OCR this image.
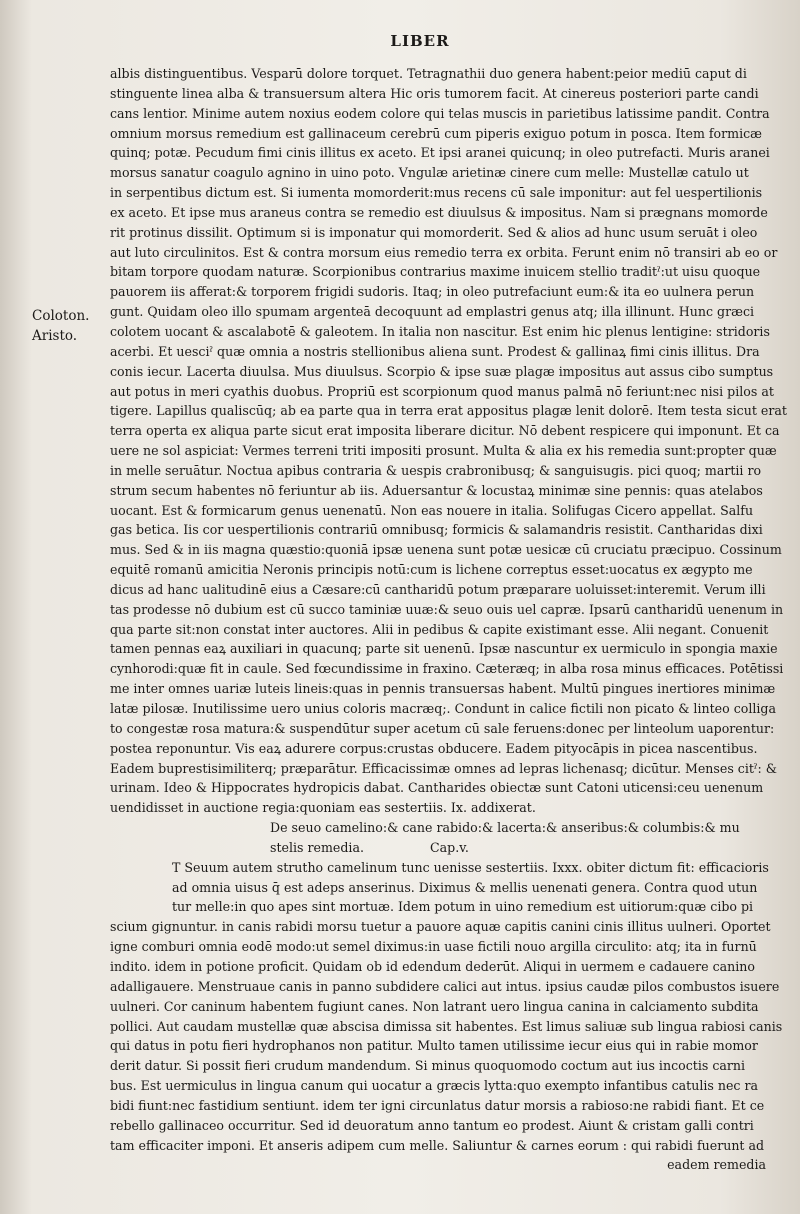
LIBER
Coloton.
Aristo.
albis distinguentibus. Vesparū dolore torquet. Tetragnathii duo genera habent:peior mediū caput di
stinguente linea alba & transuersum altera Hic oris tumorem facit. At cinereus posteriori parte candi
cans lentior. Minime autem noxius eodem colore qui telas muscis in parietibus latissime pandit. Contra
omnium morsus remedium est gallinaceum cerebrū cum piperis exiguo potum in posca. Item formicæ
quinq; potæ. Pecudum fimi cinis illitus ex aceto. Et ipsi aranei quicunq; in oleo putrefacti. Muris aranei
morsus sanatur coagulo agnino in uino poto. Vngulæ arietinæ cinere cum melle: Mustellæ catulo ut
in serpentibus dictum est. Si iumenta momorderit:mus recens cū sale imponitur: aut fel uespertilionis
ex aceto. Et ipse mus araneus contra se remedio est diuulsus & impositus. Nam si prægnans momorde
rit protinus dissilit. Optimum si is imponatur qui momorderit. Sed & alios ad hunc usum seruāt i oleo
aut luto circulinitos. Est & contra morsum eius remedio terra ex orbita. Ferunt enim nō transiri ab eo or
bitam torpore quodam naturæ. Scorpionibus contrarius maxime inuicem stellio traditˀ:ut uisu quoque
pauorem iis afferat:& torporem frigidi sudoris. Itaq; in oleo putrefaciunt eum:& ita eo uulnera perun
gunt. Quidam oleo illo spumam argenteā decoquunt ad emplastri genus atq; illa illinunt. Hunc græci
colotem uocant & ascalabotē & galeotem. In italia non nascitur. Est enim hic plenus lentigine: stridoris
acerbi. Et uesciˀ quæ omnia a nostris stellionibus aliena sunt. Prodest & gallinaꝝ fimi cinis illitus. Dra
conis iecur. Lacerta diuulsa. Mus diuulsus. Scorpio & ipse suæ plagæ impositus aut assus cibo sumptus
aut potus in meri cyathis duobus. Propriū est scorpionum quod manus palmā nō feriunt:nec nisi pilos at
tigere. Lapillus qualiscūq; ab ea parte qua in terra erat appositus plagæ lenit dolorē. Item testa sicut erat
terra operta ex aliqua parte sicut erat imposita liberare dicitur. Nō debent respicere qui imponunt. Et ca
uere ne sol aspiciat: Vermes terreni triti impositi prosunt. Multa & alia ex his remedia sunt:propter quæ
in melle seruātur. Noctua apibus contraria & uespis crabronibusq; & sanguisugis. pici quoq; martii ro
strum secum habentes nō feriuntur ab iis. Aduersantur & locustaꝝ minimæ sine pennis: quas atelabos
uocant. Est & formicarum genus uenenatū. Non eas nouere in italia. Solifugas Cicero appellat. Salfu
gas betica. Iis cor uespertilionis contrariū omnibusq; formicis & salamandris resistit. Cantharidas dixi
mus. Sed & in iis magna quæstio:quoniā ipsæ uenena sunt potæ uesicæ cū cruciatu præcipuo. Cossinum
equitē romanū amicitia Neronis principis notū:cum is lichene correptus esset:uocatus ex ægypto me
dicus ad hanc ualitudinē eius a Cæsare:cū cantharidū potum præparare uoluisset:interemit. Verum illi
tas prodesse nō dubium est cū succo taminiæ uuæ:& seuo ouis uel capræ. Ipsarū cantharidū uenenum in
qua parte sit:non constat inter auctores. Alii in pedibus & capite existimant esse. Alii negant. Conuenit
tamen pennas eaꝝ auxiliari in quacunq; parte sit uenenū. Ipsæ nascuntur ex uermiculo in spongia maxie
cynhorodi:quæ fit in caule. Sed fœcundissime in fraxino. Cæteræq; in alba rosa minus efficaces. Potētissi
me inter omnes uariæ luteis lineis:quas in pennis transuersas habent. Multū pingues inertiores minimæ
latæ pilosæ. Inutilissime uero unius coloris macræq;. Condunt in calice fictili non picato & linteo colliga
to congestæ rosa matura:& suspendūtur super acetum cū sale feruens:donec per linteolum uaporentur:
postea reponuntur. Vis eaꝝ adurere corpus:crustas obducere. Eadem pityocāpis in picea nascentibus.
Eadem buprestisimiliterq; præparātur. Efficacissimæ omnes ad lepras lichenasq; dicūtur. Menses citˀ: &
urinam. Ideo & Hippocrates hydropicis dabat. Cantharides obiectæ sunt Catoni uticensi:ceu uenenum
uendidisset in auctione regia:quoniam eas sestertiis. Ix. addixerat.
De seuo camelino:& cane rabido:& lacerta:& anseribus:& columbis:& mu
stelis remedia.	Cap.v.
T Seuum autem strutho camelinum tunc uenisse sestertiis. Ixxx. obiter dictum fit: efficacioris
ad omnia uisus q̄ est adeps anserinus. Diximus & mellis uenenati genera. Contra quod utun
tur melle:in quo apes sint mortuæ. Idem potum in uino remedium est uitiorum:quæ cibo pi
scium gignuntur. in canis rabidi morsu tuetur a pauore aquæ capitis canini cinis illitus uulneri. Oportet
igne comburi omnia eodē modo:ut semel diximus:in uase fictili nouo argilla circulito: atq; ita in furnū
indito. idem in potione proficit. Quidam ob id edendum dederūt. Aliqui in uermem e cadauere canino
adalligauere. Menstruaue canis in panno subdidere calici aut intus. ipsius caudæ pilos combustos isuere
uulneri. Cor caninum habentem fugiunt canes. Non latrant uero lingua canina in calciamento subdita
pollici. Aut caudam mustellæ quæ abscisa dimissa sit habentes. Est limus saliuæ sub lingua rabiosi canis
qui datus in potu fieri hydrophanos non patitur. Multo tamen utilissime iecur eius qui in rabie momor
derit datur. Si possit fieri crudum mandendum. Si minus quoquomodo coctum aut ius incoctis carni
bus. Est uermiculus in lingua canum qui uocatur a græcis lytta:quo exempto infantibus catulis nec ra
bidi fiunt:nec fastidium sentiunt. idem ter igni circunlatus datur morsis a rabioso:ne rabidi fiant. Et ce
rebello gallinaceo occurritur. Sed id deuoratum anno tantum eo prodest. Aiunt & cristam galli contri
tam efficaciter imponi. Et anseris adipem cum melle. Saliuntur & carnes eorum : qui rabidi fuerunt ad
eadem remedia
